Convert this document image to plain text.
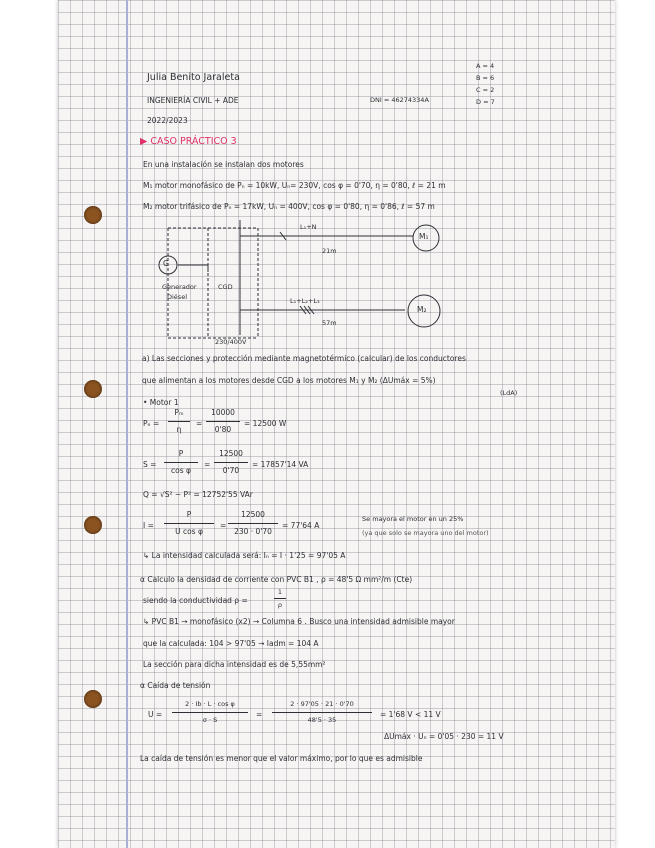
Julia Benito Jaraleta
INGENIERÍA CIVIL + ADE
2022/2023
DNI = 46274334A
A = 4
B = 6
C = 2
D = 7
▶ CASO PRÁCTICO 3
En una instalación se instalan dos motores
M₁ motor monofásico de Pₙ = 10kW, Uₙ= 230V, cos φ = 0'70, η = 0'80, ℓ = 21 m
M₂ motor trifásico de Pₙ = 17kW, Uₙ = 400V, cos φ = 0'80, η = 0'86, ℓ = 57 m
G
Generador
Diésel
CGD
230/400V
L₁+N
21m
L₁+L₂+L₃
57m
M₁
M₂
a) Las secciones y protección mediante magnetotérmico (calcular) de los conductores
que alimentan a los motores desde CGD a los motores M₁ y M₂ (ΔUmáx = 5%)
(LdA)
• Motor 1
Pₑ =
Pₘ
η
=
10000
0'80
= 12500 W
S =
P
cos φ
=
12500
0'70
= 17857'14 VA
Q = √S² − P² = 12752'55 VAr
I =
P
U cos φ
=
12500
230 · 0'70
= 77'64 A
Se mayora el motor en un 25%
(ya que solo se mayora uno del motor)
↳ La intensidad calculada será: Iₙ = I · 1'25 = 97'05 A
α Calculo la densidad de corriente con PVC B1 , ρ = 48'5 Ω mm²/m (Cte)
siendo la conductividad ρ =
1
ρ
↳ PVC B1 → monofásico (x2) → Columna 6 . Busco una intensidad admisible mayor
que la calculada: 104 > 97'05 → Iadm = 104 A
La sección para dicha intensidad es de 5,55mm²
α Caída de tensión
U =
2 · Ib · L · cos φ
σ · S
=
2 · 97'05 · 21 · 0'70
48'5 · 35
= 1'68 V < 11 V
ΔUmáx · Uₙ = 0'05 · 230 = 11 V
La caída de tensión es menor que el valor máximo, por lo que es admisible
